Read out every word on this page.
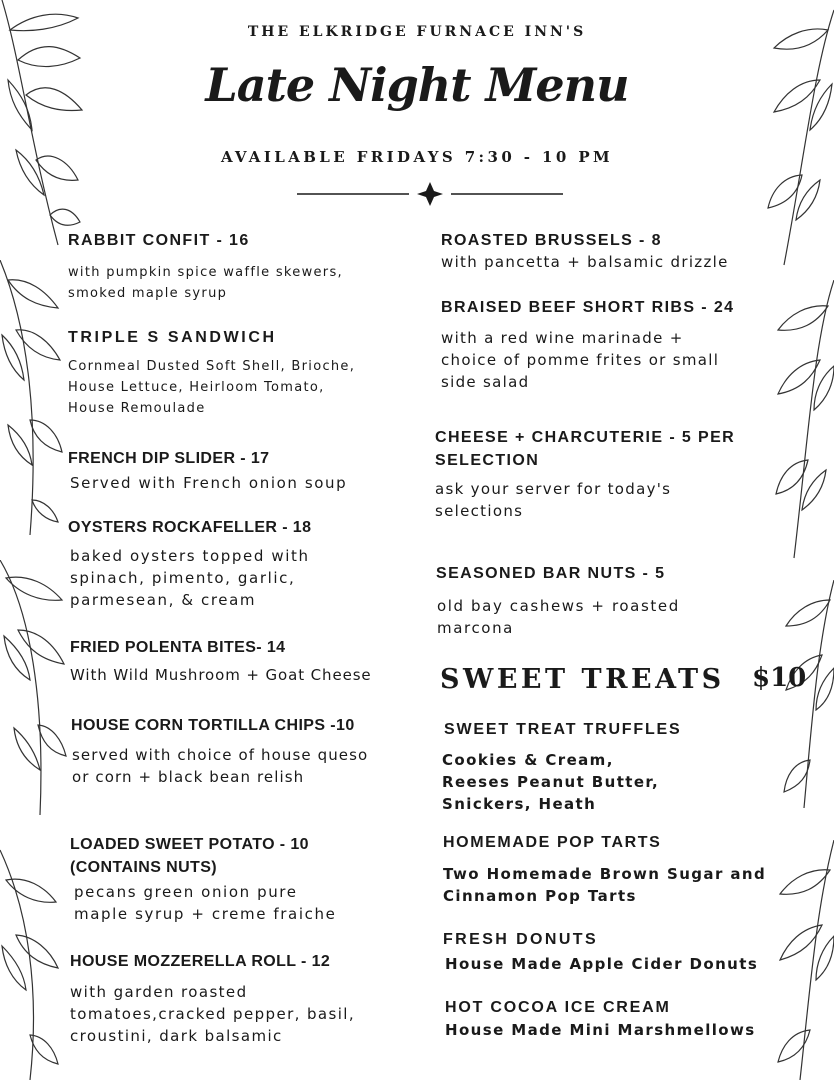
THE ELKRIDGE FURNACE INN'S
Late Night Menu
AVAILABLE FRIDAYS 7:30 - 10 PM
RABBIT CONFIT - 16
with pumpkin spice waffle skewers,
smoked maple syrup
TRIPLE S SANDWICH
Cornmeal Dusted Soft Shell, Brioche,
House Lettuce, Heirloom Tomato,
House Remoulade
FRENCH DIP SLIDER - 17
Served with French onion soup
OYSTERS ROCKAFELLER - 18
baked oysters topped with
spinach, pimento, garlic,
parmesean, & cream
FRIED POLENTA BITES- 14
With Wild Mushroom + Goat Cheese
HOUSE CORN TORTILLA CHIPS -10
served with choice of house queso
or corn + black bean relish
LOADED SWEET POTATO - 10
(CONTAINS NUTS)
pecans green onion pure
maple syrup + creme fraiche
HOUSE MOZZERELLA ROLL - 12
with garden roasted
tomatoes,cracked pepper, basil,
croustini, dark balsamic
ROASTED BRUSSELS - 8
with pancetta + balsamic drizzle
BRAISED BEEF SHORT RIBS - 24
with a red wine marinade +
choice of pomme frites or small
side salad
CHEESE + CHARCUTERIE - 5 PER
SELECTION
ask your server for today's
selections
SEASONED BAR NUTS - 5
old bay cashews + roasted
marcona
SWEET TREATS $10
SWEET TREAT TRUFFLES
Cookies & Cream,
Reeses Peanut Butter,
Snickers, Heath
HOMEMADE POP TARTS
Two Homemade Brown Sugar and
Cinnamon Pop Tarts
FRESH DONUTS
House Made Apple Cider Donuts
HOT COCOA ICE CREAM
House Made Mini Marshmellows
